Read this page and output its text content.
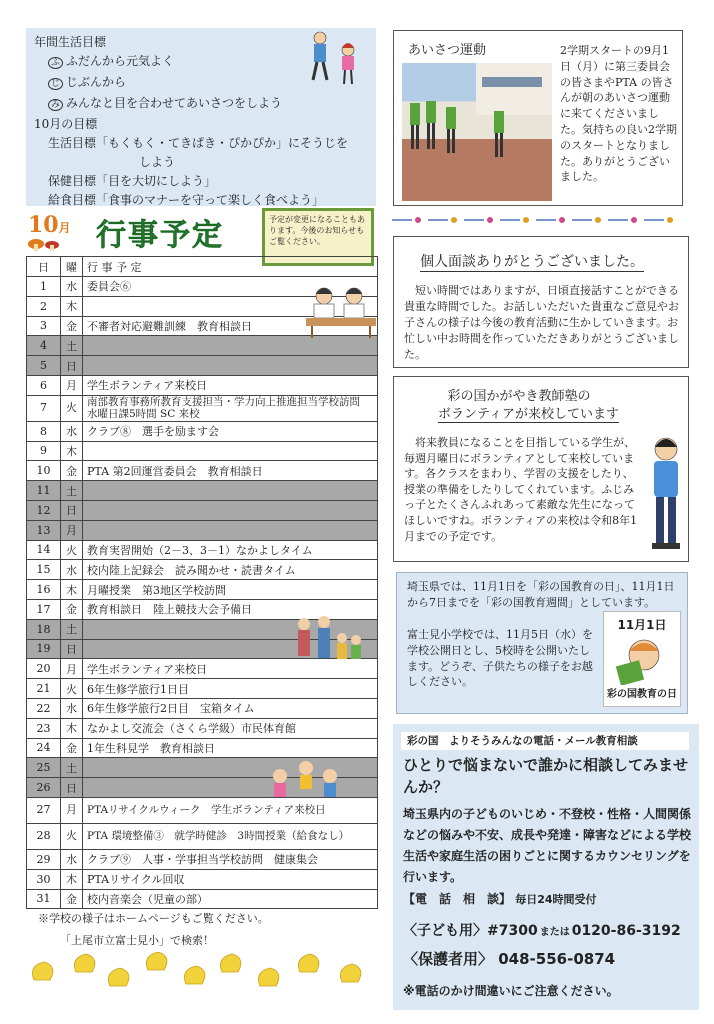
年間生活目標
ふ ふだんから元気よく
じ じぶんから
み みんなと目を合わせてあいさつをしよう
10月の目標
生活目標「もくもく・てきぱき・ぴかぴか」にそうじを
しよう
保健目標「目を大切にしよう」
給食目標「食事のマナーを守って楽しく食べよう」
10月 行事予定	予定が変更になることもあります。今後のお知らせもご覧ください。
日	曜	行 事 予 定
1	水	委員会⑥
2	木	
3	金	不審者対応避難訓練　教育相談日
4	土	
5	日	
6	月	学生ボランティア来校日
7	火	南部教育事務所教育支援担当・学力向上推進担当学校訪問 水曜日課5時間 SC 来校
8	水	クラブ⑧　選手を励ます会
9	木	
10	金	PTA 第2回運営委員会　教育相談日
11	土	
12	日	
13	月	
14	火	教育実習開始（2－3、3－1）なかよしタイム
15	水	校内陸上記録会　読み聞かせ・読書タイム
16	木	月曜授業　第3地区学校訪問
17	金	教育相談日　陸上競技大会予備日
18	土	
19	日	
20	月	学生ボランティア来校日
21	火	6年生修学旅行1日目
22	水	6年生修学旅行2日目　宝箱タイム
23	木	なかよし交流会（さくら学級）市民体育館
24	金	1年生科見学　教育相談日
25	土	
26	日	
27	月	PTAリサイクルウィーク　学生ボランティア来校日
28	火	PTA 環境整備③　就学時健診　3時間授業（給食なし）
29	水	クラブ⑨　人事・学事担当学校訪問　健康集会
30	木	PTAリサイクル回収
31	金	校内音楽会（児童の部）
※学校の様子はホームページもご覧ください。
「上尾市立富士見小」で検索！
あいさつ運動	2学期スタートの9月1日（月）に第三委員会の皆さまやPTA の皆さんが朝のあいさつ運動に来てくださいました。気持ちの良い2学期のスタートとなりました。ありがとうございました。
個人面談ありがとうございました。
短い時間ではありますが、日頃直接話すことができる貴重な時間でした。お話しいただいた貴重なご意見やお子さんの様子は今後の教育活動に生かしていきます。お忙しい中お時間を作っていただきありがとうございました。
彩の国かがやき教師塾の
ボランティアが来校しています
将来教員になることを目指している学生が、毎週月曜日にボランティアとして来校しています。各クラスをまわり、学習の支援をしたり、授業の準備をしたりしてくれています。ふじみっ子とたくさんふれあって素敵な先生になってほしいですね。ボランティアの来校は令和8年1月までの予定です。
埼玉県では、11月1日を「彩の国教育の日」、11月1日から7日までを「彩の国教育週間」としています。
富士見小学校では、11月5日（水）を学校公開日とし、5校時を公開いたします。どうぞ、子供たちの様子をお越しください。
11月1日
彩の国教育の日
彩の国　よりそうみんなの電話・メール教育相談
ひとりで悩まないで誰かに相談してみませんか？
埼玉県内の子どものいじめ・不登校・性格・人間関係などの悩みや不安、成長や発達・障害などによる学校生活や家庭生活の困りごとに関するカウンセリングを行います。
【電　話　相　談】 毎日24時間受付
〈子ども用〉#7300 または 0120-86-3192
〈保護者用〉 048-556-0874
※電話のかけ間違いにご注意ください。
